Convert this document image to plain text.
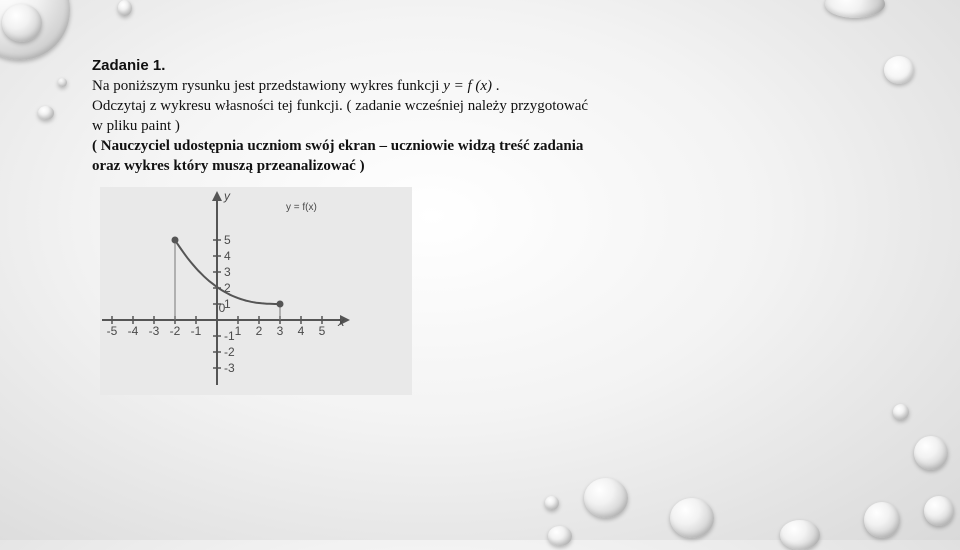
Zadanie 1.

Na poniższym rysunku jest przedstawiony wykres funkcji y = f (x) .

Odczytaj z wykresu własności tej funkcji. ( zadanie wcześniej należy przygotować

w pliku paint )

( Nauczyciel udostępnia uczniom swój ekran – uczniowie widzą treść zadania

oraz wykres który muszą przeanalizować )

x
y
y = f(x)
-5 -4 -3 -2 -1
0
1 2 3 4 5
5
4
3
2
1
-1
-2
-3
